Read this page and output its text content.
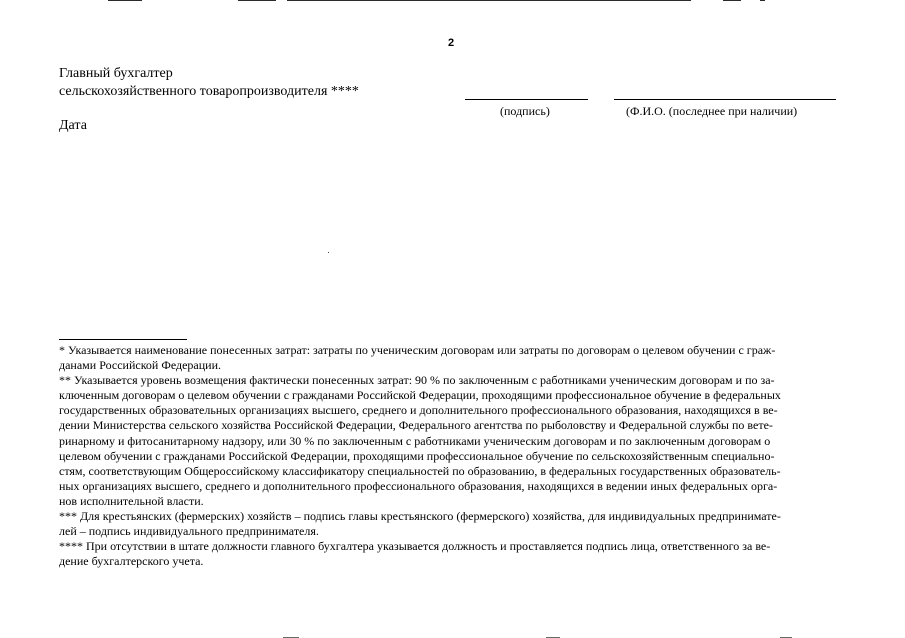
2
Главный бухгалтер
сельскохозяйственного товаропроизводителя ****
(подпись)	(Ф.И.О. (последнее при наличии)
Дата

* Указывается наименование понесенных затрат: затраты по ученическим договорам или затраты по договорам о целевом обучении с граж-
данами Российской Федерации.

** Указывается уровень возмещения фактически понесенных затрат: 90 % по заключенным с работниками ученическим договорам и по за-
ключенным договорам о целевом обучении с гражданами Российской Федерации, проходящими профессиональное обучение в федеральных
государственных образовательных организациях высшего, среднего и дополнительного профессионального образования, находящихся в ве-
дении Министерства сельского хозяйства Российской Федерации, Федерального агентства по рыболовству и Федеральной службы по вете-
ринарному и фитосанитарному надзору, или 30 % по заключенным с работниками ученическим договорам и по заключенным договорам о
целевом обучении с гражданами Российской Федерации, проходящими профессиональное обучение по сельскохозяйственным специально-
стям, соответствующим Общероссийскому классификатору специальностей по образованию, в федеральных государственных образователь-
ных организациях высшего, среднего и дополнительного профессионального образования, находящихся в ведении иных федеральных орга-
нов исполнительной власти.

*** Для крестьянских (фермерских) хозяйств – подпись главы крестьянского (фермерского) хозяйства, для индивидуальных предпринимате-
лей – подпись индивидуального предпринимателя.

**** При отсутствии в штате должности главного бухгалтера указывается должность и проставляется подпись лица, ответственного за ве-
дение бухгалтерского учета.
